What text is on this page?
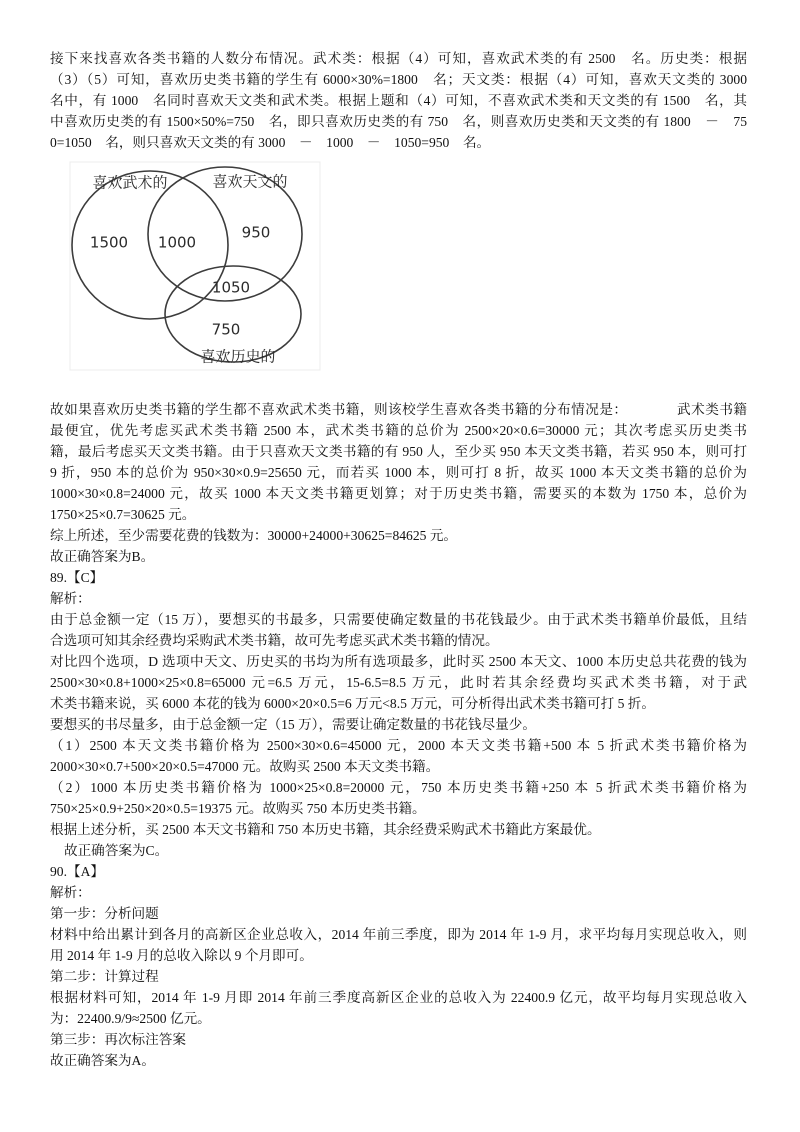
接下来找喜欢各类书籍的人数分布情况。武术类：根据（4）可知，喜欢武术类的有 2500　名。历史类：根据
（3）（5）可知，喜欢历史类书籍的学生有 6000×30%=1800　名；天文类：根据（4）可知，喜欢天文类的 3000
名中，有 1000　名同时喜欢天文类和武术类。根据上题和（4）可知，不喜欢武术类和天文类的有 1500　名，其
中喜欢历史类的有 1500×50%=750　名，即只喜欢历史类的有 750　名，则喜欢历史类和天文类的有 1800　－　75
0=1050　名，则只喜欢天文类的有 3000　－　1000　－　1050=950　名。
喜欢武术的	喜欢天文的
1500 1000
950
1050
750
喜欢历史的
故如果喜欢历史类书籍的学生都不喜欢武术类书籍，则该校学生喜欢各类书籍的分布情况是：　　　　武术类书籍
最便宜，优先考虑买武术类书籍 2500 本，武术类书籍的总价为 2500×20×0.6=30000 元；其次考虑买历史类书
籍，最后考虑买天文类书籍。由于只喜欢天文类书籍的有 950 人，至少买 950 本天文类书籍，若买 950 本，则可打
9 折，950 本的总价为 950×30×0.9=25650 元，而若买 1000 本，则可打 8 折，故买 1000 本天文类书籍的总价为
1000×30×0.8=24000 元，故买 1000 本天文类书籍更划算；对于历史类书籍，需要买的本数为 1750 本，总价为
1750×25×0.7=30625 元。
综上所述，至少需要花费的钱数为：30000+24000+30625=84625 元。
故正确答案为B。
89.【C】
解析：
由于总金额一定（15 万），要想买的书最多，只需要使确定数量的书花钱最少。由于武术类书籍单价最低，且结
合选项可知其余经费均采购武术类书籍，故可先考虑买武术类书籍的情况。
对比四个选项，D 选项中天文、历史买的书均为所有选项最多，此时买 2500 本天文、1000 本历史总共花费的钱为
2500×30×0.8+1000×25×0.8=65000 元=6.5 万元，15-6.5=8.5 万元，此时若其余经费均买武术类书籍，对于武
术类书籍来说，买 6000 本花的钱为 6000×20×0.5=6 万元<8.5 万元，可分析得出武术类书籍可打 5 折。
要想买的书尽量多，由于总金额一定（15 万），需要让确定数量的书花钱尽量少。
（1）2500 本天文类书籍价格为 2500×30×0.6=45000 元，2000 本天文类书籍+500 本 5 折武术类书籍价格为
2000×30×0.7+500×20×0.5=47000 元。故购买 2500 本天文类书籍。
（2）1000 本历史类书籍价格为 1000×25×0.8=20000 元，750 本历史类书籍+250 本 5 折武术类书籍价格为
750×25×0.9+250×20×0.5=19375 元。故购买 750 本历史类书籍。
根据上述分析，买 2500 本天文书籍和 750 本历史书籍，其余经费采购武术书籍此方案最优。
故正确答案为C。
90.【A】
解析：
第一步：分析问题
材料中给出累计到各月的高新区企业总收入，2014 年前三季度，即为 2014 年 1-9 月，求平均每月实现总收入，则
用 2014 年 1-9 月的总收入除以 9 个月即可。
第二步：计算过程
根据材料可知，2014 年 1-9 月即 2014 年前三季度高新区企业的总收入为 22400.9 亿元，故平均每月实现总收入
为：22400.9/9≈2500 亿元。
第三步：再次标注答案
故正确答案为A。
